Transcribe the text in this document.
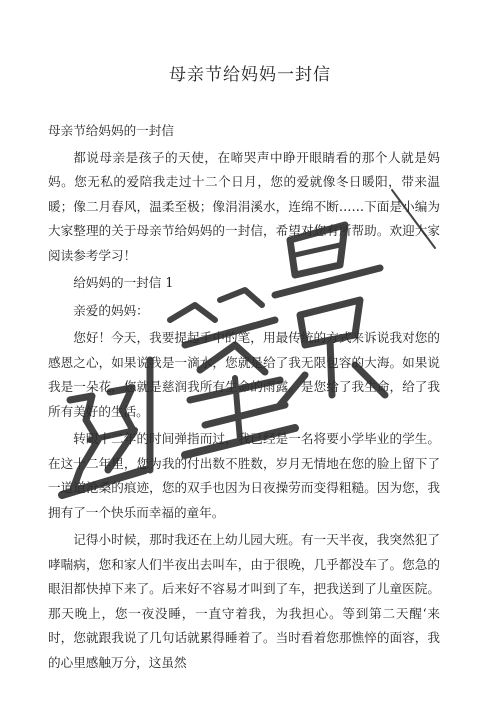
母亲节给妈妈一封信

母亲节给妈妈的一封信

都说母亲是孩子的天使，在啼哭声中睁开眼睛看的那个人就是妈妈。您无私的爱陪我走过十二个日月，您的爱就像冬日暖阳，带来温暖；像二月春风，温柔至极；像涓涓溪水，连绵不断……下面是小编为大家整理的关于母亲节给妈妈的一封信，希望对您有所帮助。欢迎大家阅读参考学习！

给妈妈的一封信 1

亲爱的妈妈：

您好！今天，我要提起手中的笔，用最传统的方式来诉说我对您的感恩之心，如果说我是一滴水，您就是给了我无限包容的大海。如果说我是一朵花，您就是慈润我所有生命的雨露。是您给了我生命，给了我所有美好的生活。

转眼十二年的时间弹指而过，我已经是一名将要小学毕业的学生。在这十二年里，您为我的付出数不胜数，岁月无情地在您的脸上留下了一道道沧桑的痕迹，您的双手也因为日夜操劳而变得粗糙。因为您，我拥有了一个快乐而幸福的童年。

记得小时候，那时我还在上幼儿园大班。有一天半夜，我突然犯了哮喘病，您和家人们半夜出去叫车，由于很晚，几乎都没车了。您急的眼泪都快掉下来了。后来好不容易才叫到了车，把我送到了儿童医院。那天晚上，您一夜没睡，一直守着我，为我担心。等到第二天醒‘来时，您就跟我说了几句话就累得睡着了。当时看着您那憔悴的面容，我的心里感触万分，这虽然
